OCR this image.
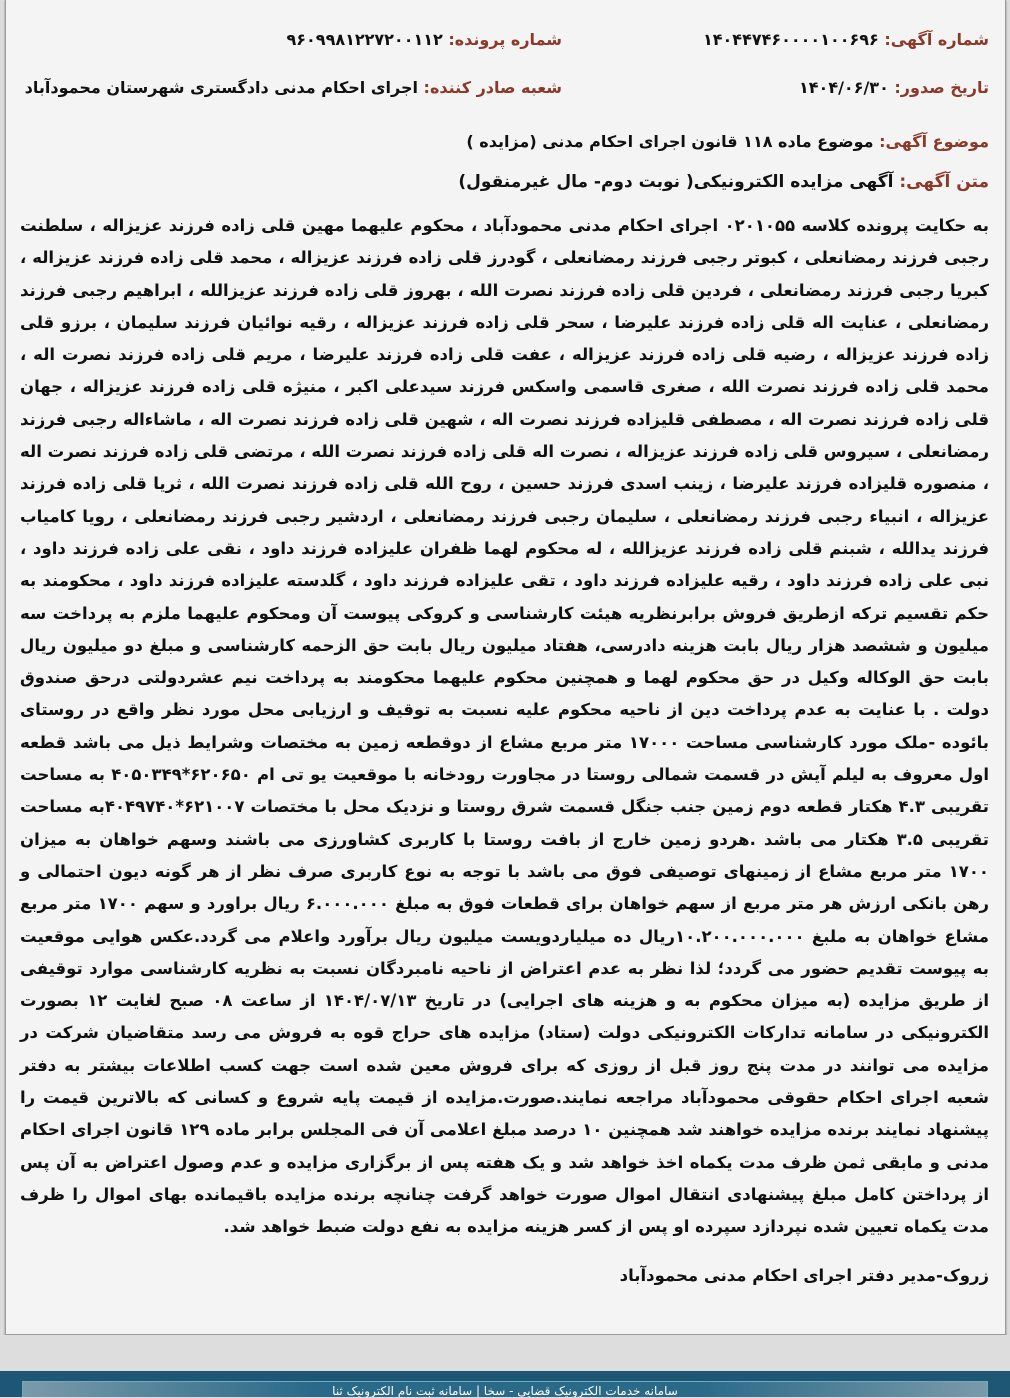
شماره آگهی: ۱۴۰۴۴۷۴۶۰۰۰۰۱۰۰۶۹۶
شماره پرونده: ۹۶۰۹۹۸۱۲۲۷۲۰۰۱۱۲
تاریخ صدور: ۱۴۰۴/۰۶/۳۰
شعبه صادر کننده: اجرای احکام مدنی دادگستری شهرستان محمودآباد
موضوع آگهی: موضوع ماده ۱۱۸ قانون اجرای احکام مدنی (مزایده )
متن آگهی: آگهی مزایده الکترونیکی( نوبت دوم- مال غیرمنقول)
به حکایت پرونده کلاسه ۰۲۰۱۰۵۵ اجرای احکام مدنی محمودآباد ، محکوم علیهما مهین قلی زاده فرزند عزیزاله ، سلطنت رجبی فرزند رمضانعلی ، کبوتر رجبی فرزند رمضانعلی ، گودرز قلی زاده فرزند عزیزاله ، محمد قلی زاده فرزند عزیزاله ، کبریا رجبی فرزند رمضانعلی ، فردین قلی زاده فرزند نصرت الله ، بهروز قلی زاده فرزند عزیزالله ، ابراهیم رجبی فرزند رمضانعلی ، عنایت اله قلی زاده فرزند علیرضا ، سحر قلی زاده فرزند عزیزاله ، رقیه نوائیان فرزند سلیمان ، برزو قلی زاده فرزند عزیزاله ، رضیه قلی زاده فرزند عزیزاله ، عفت قلی زاده فرزند علیرضا ، مریم قلی زاده فرزند نصرت اله ، محمد قلی زاده فرزند نصرت الله ، صغری قاسمی واسکس فرزند سیدعلی اکبر ، منیژه قلی زاده فرزند عزیزاله ، جهان قلی زاده فرزند نصرت اله ، مصطفی قلیزاده فرزند نصرت اله ، شهین قلی زاده فرزند نصرت اله ، ماشاءاله رجبی فرزند رمضانعلی ، سیروس قلی زاده فرزند عزیزاله ، نصرت اله قلی زاده فرزند نصرت الله ، مرتضی قلی زاده فرزند نصرت اله ، منصوره قلیزاده فرزند علیرضا ، زینب اسدی فرزند حسین ، روح الله قلی زاده فرزند نصرت الله ، ثریا قلی زاده فرزند عزیزاله ، انبیاء رجبی فرزند رمضانعلی ، سلیمان رجبی فرزند رمضانعلی ، اردشیر رجبی فرزند رمضانعلی ، رویا کامیاب فرزند یدالله ، شبنم قلی زاده فرزند عزیزالله ، له محکوم لهما ظفران علیزاده فرزند داود ، نقی علی زاده فرزند داود ، نبی علی زاده فرزند داود ، رقیه علیزاده فرزند داود ، تقی علیزاده فرزند داود ، گلدسته علیزاده فرزند داود ، محکومند به حکم تقسیم ترکه ازطریق فروش برابرنظریه هیئت کارشناسی و کروکی پیوست آن ومحکوم علیهما ملزم به پرداخت سه میلیون و ششصد هزار ریال بابت هزینه دادرسی، هفتاد میلیون ریال بابت حق الزحمه کارشناسی و مبلغ دو میلیون ریال بابت حق الوکاله وکیل در حق محکوم لهما و همچنین محکوم علیهما محکومند به پرداخت نیم عشردولتی درحق صندوق دولت . با عنایت به عدم پرداخت دین از ناحیه محکوم علیه نسبت به توقیف و ارزیابی محل مورد نظر واقع در روستای بائوده -ملک مورد کارشناسی مساحت ۱۷۰۰۰ متر مربع مشاع از دوقطعه زمین به مختصات وشرایط ذیل می باشد قطعه اول معروف به لیلم آیش در قسمت شمالی روستا در مجاورت رودخانه با موقعیت یو تی ام ۶۲۰۶۵۰*۴۰۵۰۳۴۹ به مساحت تقریبی ۴.۳ هکتار قطعه دوم زمین جنب جنگل قسمت شرق روستا و نزدیک محل با مختصات ۶۲۱۰۰۷*۴۰۴۹۷۴۰به مساحت تقریبی ۳.۵ هکتار می باشد .هردو زمین خارج از بافت روستا با کاربری کشاورزی می باشند وسهم خواهان به میزان ۱۷۰۰ متر مربع مشاع از زمینهای توصیفی فوق می باشد با توجه به نوع کاربری صرف نظر از هر گونه دیون احتمالی و رهن بانکی ارزش هر متر مربع از سهم خواهان برای قطعات فوق به مبلغ ۶.۰۰۰.۰۰۰ ریال براورد و سهم ۱۷۰۰ متر مربع مشاع خواهان به ملبغ ۱۰.۲۰۰.۰۰۰.۰۰۰ریال ده میلیاردویست میلیون ریال برآورد واعلام می گردد.عکس هوایی موقعیت به پیوست تقدیم حضور می گردد؛ لذا نظر به عدم اعتراض از ناحیه نامبردگان نسبت به نظریه کارشناسی موارد توقیفی از طریق مزایده (به میزان محکوم به و هزینه های اجرایی) در تاریخ ۱۴۰۴/۰۷/۱۳ از ساعت ۰۸ صبح لغایت ۱۲ بصورت الکترونیکی در سامانه تدارکات الکترونیکی دولت (ستاد) مزایده های حراج قوه به فروش می رسد متقاضیان شرکت در مزایده می توانند در مدت پنج روز قبل از روزی که برای فروش معین شده است جهت کسب اطلاعات بیشتر به دفتر شعبه اجرای احکام حقوقی محمودآباد مراجعه نمایند.صورت.مزایده از قیمت پایه شروع و کسانی که بالاترین قیمت را پیشنهاد نمایند برنده مزایده خواهند شد همچنین ۱۰ درصد مبلغ اعلامی آن فی المجلس برابر ماده ۱۲۹ قانون اجرای احکام مدنی و مابقی ثمن ظرف مدت یکماه اخذ خواهد شد و یک هفته پس از برگزاری مزایده و عدم وصول اعتراض به آن پس از پرداختن کامل مبلغ پیشنهادی انتقال اموال صورت خواهد گرفت چنانچه برنده مزایده باقیمانده بهای اموال را ظرف مدت یکماه تعیین شده نپردازد سپرده او پس از کسر هزینه مزایده به نفع دولت ضبط خواهد شد.
زروک-مدیر دفتر اجرای احکام مدنی محمودآباد
سامانه خدمات الکترونیک قضایی - سخا | سامانه ثبت نام الکترونیک ثنا
